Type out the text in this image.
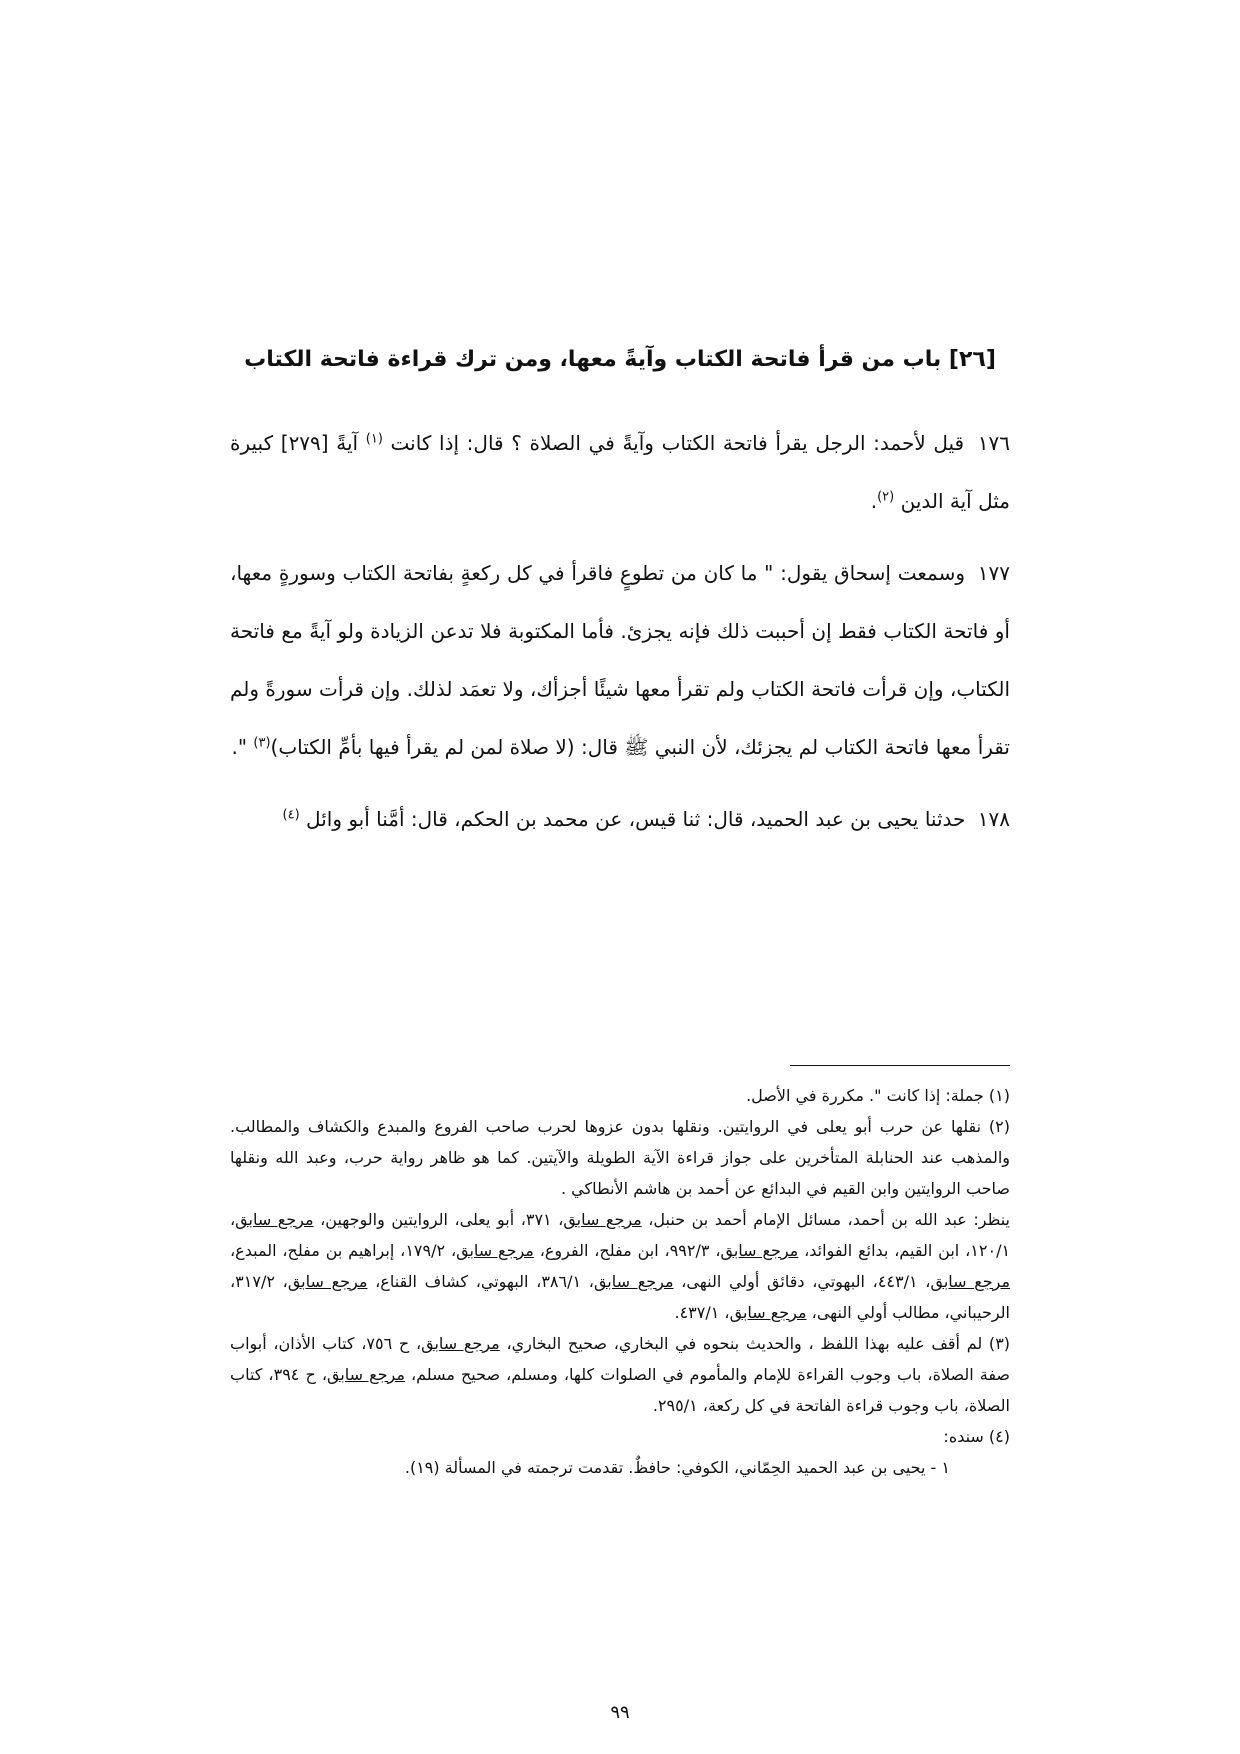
[٢٦] باب من قرأ فاتحة الكتاب وآيةً معها، ومن ترك قراءة فاتحة الكتاب

١٧٦ قيل لأحمد: الرجل يقرأ فاتحة الكتاب وآيةً في الصلاة ؟ قال: إذا كانت $^{(١)}$ آيةً [٢٧٩] كبيرة مثل آية الدين $^{(٢)}$.

١٧٧ وسمعت إسحاق يقول: " ما كان من تطوعٍ فاقرأ في كل ركعةٍ بفاتحة الكتاب وسورةٍ معها، أو فاتحة الكتاب فقط إن أحببت ذلك فإنه يجزئ. فأما المكتوبة فلا تدعن الزيادة ولو آيةً مع فاتحة الكتاب، وإن قرأت فاتحة الكتاب ولم تقرأ معها شيئًا أجزأك، ولا تعمَد لذلك. وإن قرأت سورةً ولم تقرأ معها فاتحة الكتاب لم يجزئك، لأن النبي ﷺ قال: (لا صلاة لمن لم يقرأ فيها بأمِّ الكتاب)$^{(٣)}$ ".

١٧٨ حدثنا يحيى بن عبد الحميد، قال: ثنا قيس، عن محمد بن الحكم، قال: أمَّنا أبو وائل $^{(٤)}$

(١) جملة: إذا كانت ". مكررة في الأصل.

(٢) نقلها عن حرب أبو يعلى في الروايتين. ونقلها بدون عزوها لحرب صاحب الفروع والمبدع والكشاف والمطالب. والمذهب عند الحنابلة المتأخرين على جواز قراءة الآية الطويلة والآيتين. كما هو ظاهر رواية حرب، وعبد الله ونقلها صاحب الروايتين وابن القيم في البدائع عن أحمد بن هاشم الأنطاكي .

ينظر: عبد الله بن أحمد، مسائل الإمام أحمد بن حنبل، مرجع سابق، ٣٧١، أبو يعلى، الروايتين والوجهين، مرجع سابق، ١٢٠/١، ابن القيم، بدائع الفوائد، مرجع سابق، ٩٩٢/٣، ابن مفلح، الفروع، مرجع سابق، ١٧٩/٢، إبراهيم بن مفلح، المبدع، مرجع سابق، ٤٤٣/١، البهوتي، دقائق أولي النهى، مرجع سابق، ٣٨٦/١، البهوتي، كشاف القناع، مرجع سابق، ٣١٧/٢، الرحيباني، مطالب أولي النهى، مرجع سابق، ٤٣٧/١.

(٣) لم أقف عليه بهذا اللفظ ، والحديث بنحوه في البخاري، صحيح البخاري، مرجع سابق، ح ٧٥٦، كتاب الأذان، أبواب صفة الصلاة، باب وجوب القراءة للإمام والمأموم في الصلوات كلها، ومسلم، صحيح مسلم، مرجع سابق، ح ٣٩٤، كتاب الصلاة، باب وجوب قراءة الفاتحة في كل ركعة، ٢٩٥/١.

(٤) سنده:

١ - يحيى بن عبد الحميد الحِمّاني، الكوفي: حافظٌ. تقدمت ترجمته في المسألة (١٩).

٩٩
